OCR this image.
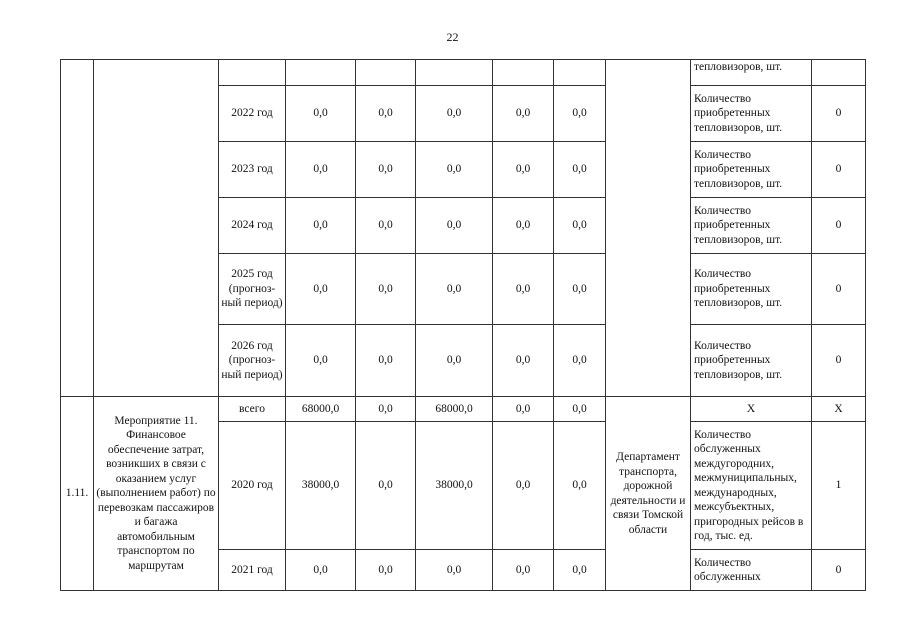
22
									тепловизоров, шт.	
		2022 год	0,0	0,0	0,0	0,0	0,0		Количество приобретенных тепловизоров, шт.	0
		2023 год	0,0	0,0	0,0	0,0	0,0		Количество приобретенных тепловизоров, шт.	0
		2024 год	0,0	0,0	0,0	0,0	0,0		Количество приобретенных тепловизоров, шт.	0
		2025 год (прогноз-ный период)	0,0	0,0	0,0	0,0	0,0		Количество приобретенных тепловизоров, шт.	0
		2026 год (прогноз-ный период)	0,0	0,0	0,0	0,0	0,0		Количество приобретенных тепловизоров, шт.	0
1.11.	Мероприятие 11. Финансовое обеспечение затрат, возникших в связи с оказанием услуг (выполнением работ) по перевозкам пассажиров и багажа автомобильным транспортом по маршрутам	всего	68000,0	0,0	68000,0	0,0	0,0	Департамент транспорта, дорожной деятельности и связи Томской области	Х	Х
		2020 год	38000,0	0,0	38000,0	0,0	0,0		Количество обслуженных междугородних, межмуниципальных, международных, межсубъектных, пригородных рейсов в год, тыс. ед.	1
		2021 год	0,0	0,0	0,0	0,0	0,0		Количество обслуженных	0
